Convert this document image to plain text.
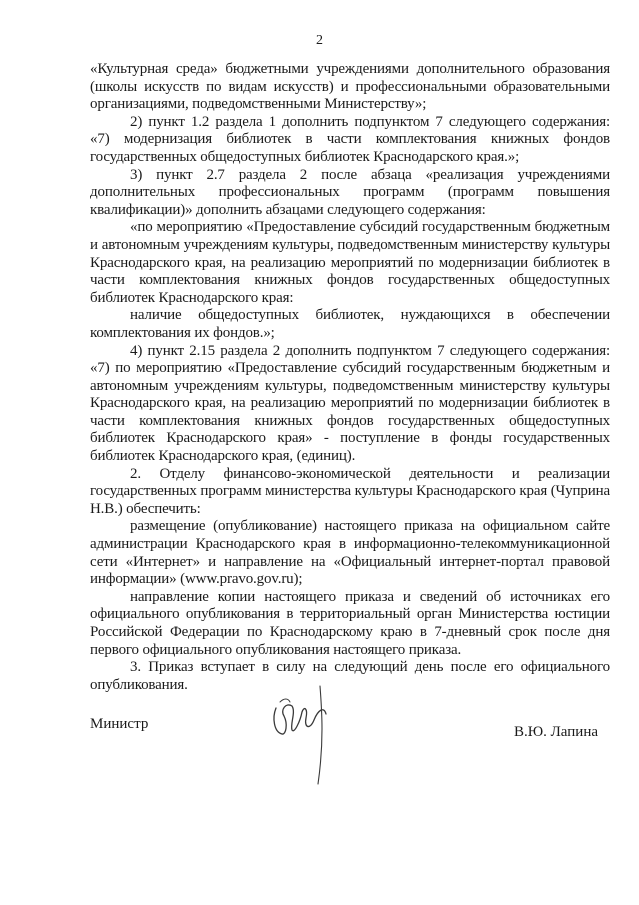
2

«Культурная среда» бюджетными учреждениями дополнительного образования (школы искусств по видам искусств) и профессиональными образовательными организациями, подведомственными Министерству»;

2) пункт 1.2 раздела 1 дополнить подпунктом 7 следующего содержания: «7) модернизация библиотек в части комплектования книжных фондов государственных общедоступных библиотек Краснодарского края.»;

3) пункт 2.7 раздела 2 после абзаца «реализация учреждениями дополнительных профессиональных программ (программ повышения квалификации)» дополнить абзацами следующего содержания:

«по мероприятию «Предоставление субсидий государственным бюджетным и автономным учреждениям культуры, подведомственным министерству культуры Краснодарского края, на реализацию мероприятий по модернизации библиотек в части комплектования книжных фондов государственных общедоступных библиотек Краснодарского края:

наличие общедоступных библиотек, нуждающихся в обеспечении комплектования их фондов.»;

4) пункт 2.15 раздела 2 дополнить подпунктом 7 следующего содержания: «7) по мероприятию «Предоставление субсидий государственным бюджетным и автономным учреждениям культуры, подведомственным министерству культуры Краснодарского края, на реализацию мероприятий по модернизации библиотек в части комплектования книжных фондов государственных общедоступных библиотек Краснодарского края» - поступление в фонды государственных библиотек Краснодарского края, (единиц).

2. Отделу финансово-экономической деятельности и реализации государственных программ министерства культуры Краснодарского края (Чуприна Н.В.) обеспечить:

размещение (опубликование) настоящего приказа на официальном сайте администрации Краснодарского края в информационно-телекоммуникационной сети «Интернет» и направление на «Официальный интернет-портал правовой информации» (www.pravo.gov.ru);

направление копии настоящего приказа и сведений об источниках его официального опубликования в территориальный орган Министерства юстиции Российской Федерации по Краснодарскому краю в 7-дневный срок после дня первого официального опубликования настоящего приказа.

3. Приказ вступает в силу на следующий день после его официального опубликования.

Министр	В.Ю. Лапина
